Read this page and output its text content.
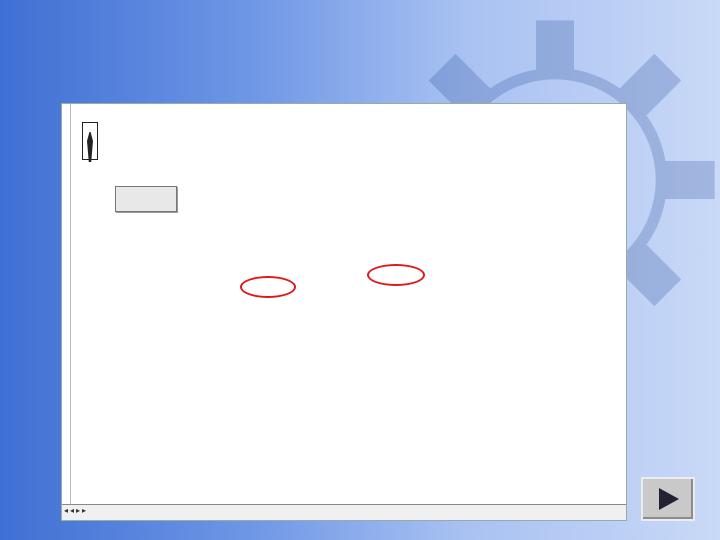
◂◂▸▸
